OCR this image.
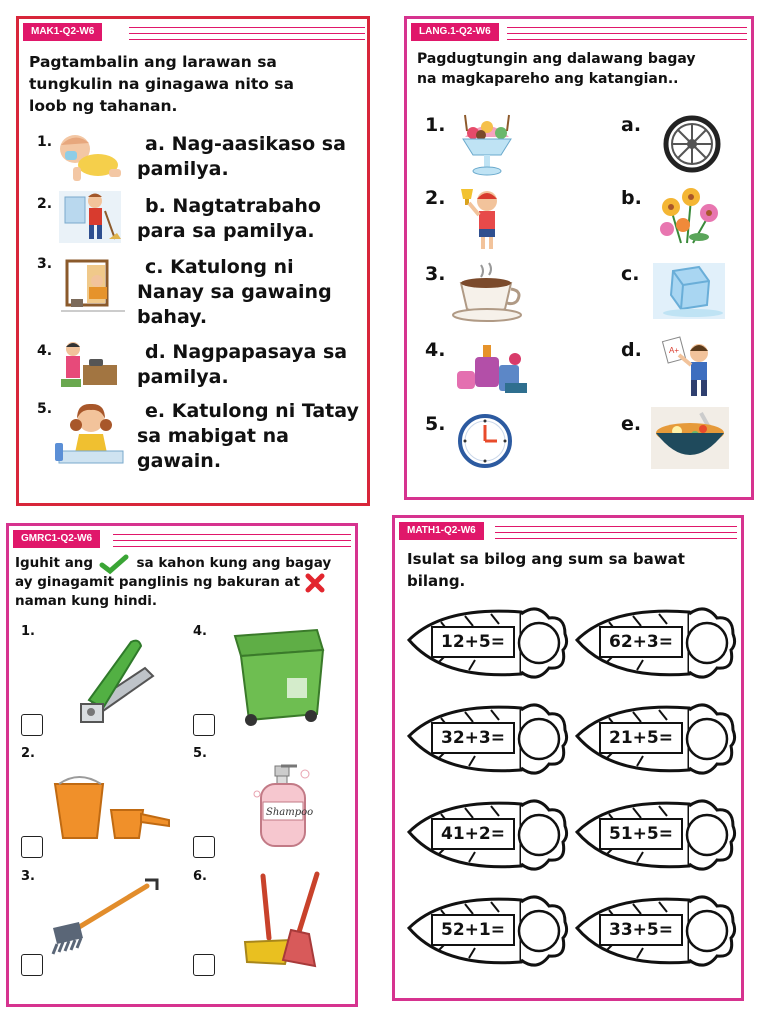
MAK1-Q2-W6
Pagtambalin ang larawan sa
tungkulin na ginagawa nito sa
loob ng tahanan.
1.
2.
3.
4.
5.
a. Nag-aasikaso sa
pamilya.
b. Nagtatrabaho
para sa pamilya.
c. Katulong ni
Nanay sa gawaing
bahay.
d. Nagpapasaya sa
pamilya.
e. Katulong ni Tatay
sa mabigat na
gawain.
LANG.1-Q2-W6
Pagdugtungin ang dalawang bagay
na magkapareho ang katangian..
1.
2.
3.
4.
5.
a.
b.
c.
d.
e.
A+
GMRC1-Q2-W6
Iguhit ang	sa kahon kung ang bagay
ay ginagamit panglinis ng bakuran at
naman kung hindi.
1.
2.
3.
4.
5.
6.
Shampoo
MATH1-Q2-W6
Isulat sa bilog ang sum sa bawat
bilang.
12+5=	62+3=
32+3=	21+5=
41+2=	51+5=
52+1=	33+5=
